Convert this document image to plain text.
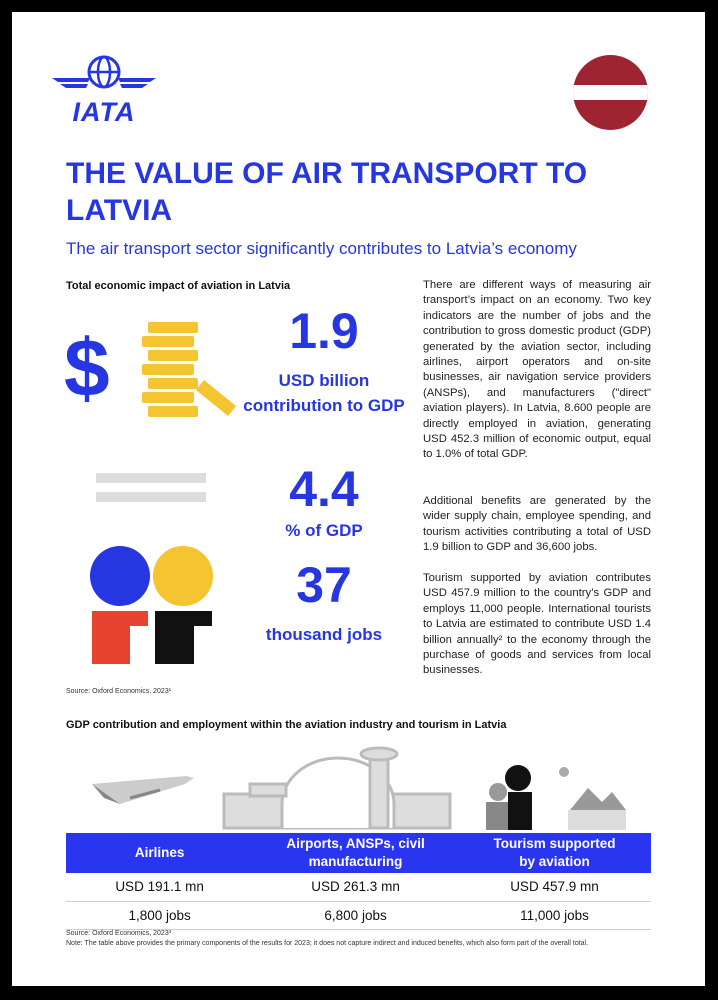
IATA
THE VALUE OF AIR TRANSPORT TO LATVIA
The air transport sector significantly contributes to Latvia’s economy
Total economic impact of aviation in Latvia
$	1.9
USD billion contribution to GDP
4.4
% of GDP
37
thousand jobs
Source: Oxford Economics, 2023¹
There are different ways of measuring air transport’s impact on an economy. Two key indicators are the number of jobs and the contribution to gross domestic product (GDP) generated by the aviation sector, including airlines, airport operators and on-site businesses, air navigation service providers (ANSPs), and manufacturers ("direct" aviation players). In Latvia, 8.600 people are directly employed in aviation, generating USD 452.3 million of economic output, equal to 1.0% of total GDP.
Additional benefits are generated by the wider supply chain, employee spending, and tourism activities contributing a total of USD 1.9 billion to GDP and 36,600 jobs.
Tourism supported by aviation contributes USD 457.9 million to the country’s GDP and employs 11,000 people. International tourists to Latvia are estimated to contribute USD 1.4 billion annually² to the economy through the purchase of goods and services from local businesses.
GDP contribution and employment within the aviation industry and tourism in Latvia
Airlines	Airports, ANSPs, civil manufacturing	Tourism supported by aviation
USD 191.1 mn	USD 261.3 mn	USD 457.9 mn
1,800 jobs	6,800 jobs	11,000 jobs
Source: Oxford Economics, 2023³
Note: The table above provides the primary components of the results for 2023; it does not capture indirect and induced benefits, which also form part of the overall total.
